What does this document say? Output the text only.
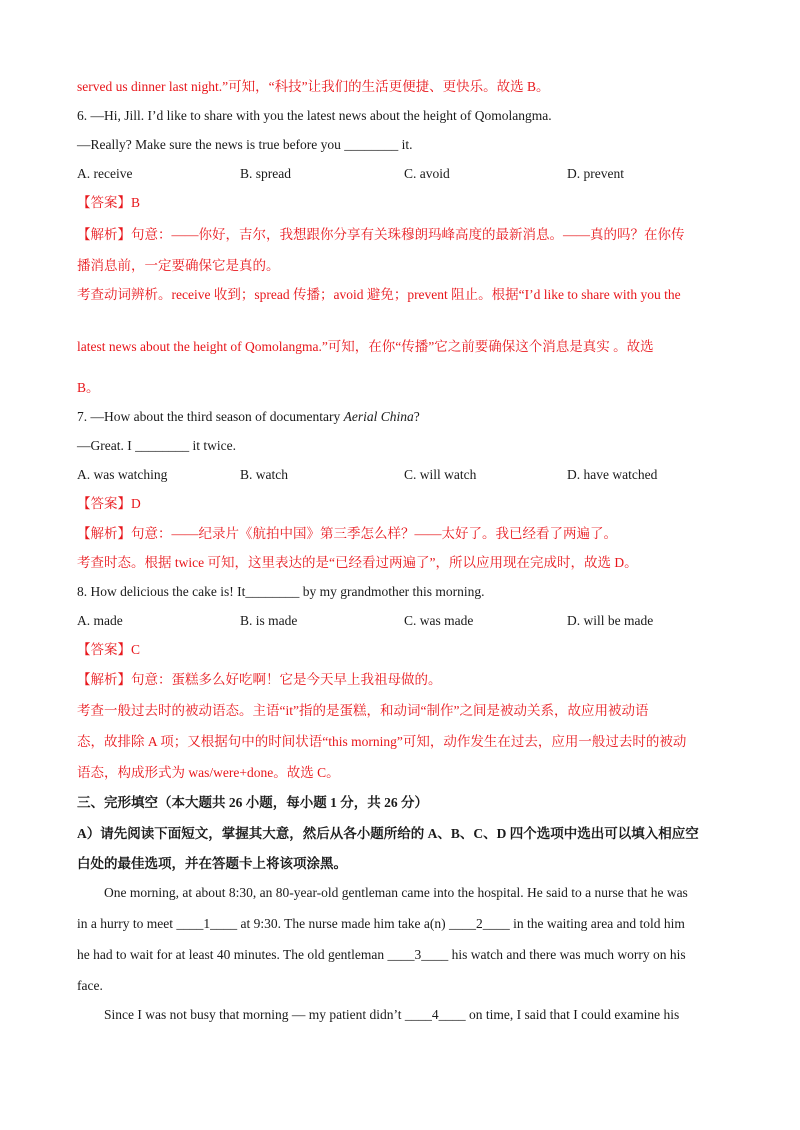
served us dinner last night.”可知，“科技”让我们的生活更便捷、更快乐。故选 B。
6. —Hi, Jill. I’d like to share with you the latest news about the height of Qomolangma.
—Really? Make sure the news is true before you ________ it.
A. receive	B. spread	C. avoid	D. prevent
【答案】B
【解析】句意：——你好，吉尔，我想跟你分享有关珠穆朗玛峰高度的最新消息。——真的吗？在你传
播消息前，一定要确保它是真的。
考查动词辨析。receive 收到；spread 传播；avoid 避免；prevent 阻止。根据“I’d like to share with you the
latest news about the height of Qomolangma.”可知，在你“传播”它之前要确保这个消息是真实 。故选
B。
7. —How about the third season of documentary Aerial China?
—Great. I ________ it twice.
A. was watching	B. watch	C. will watch	D. have watched
【答案】D
【解析】句意：——纪录片《航拍中国》第三季怎么样？——太好了。我已经看了两遍了。
考查时态。根据 twice 可知，这里表达的是“已经看过两遍了”，所以应用现在完成时，故选 D。
8. How delicious the cake is! It________ by my grandmother this morning.
A. made	B. is made	C. was made	D. will be made
【答案】C
【解析】句意：蛋糕多么好吃啊！它是今天早上我祖母做的。
考查一般过去时的被动语态。主语“it”指的是蛋糕，和动词“制作”之间是被动关系，故应用被动语
态，故排除 A 项；又根据句中的时间状语“this morning”可知，动作发生在过去，应用一般过去时的被动
语态，构成形式为 was/were+done。故选 C。
三、完形填空（本大题共 26 小题，每小题 1 分，共 26 分）
A）请先阅读下面短文，掌握其大意，然后从各小题所给的 A、B、C、D 四个选项中选出可以填入相应空
白处的最佳选项，并在答题卡上将该项涂黑。
One morning, at about 8:30, an 80-year-old gentleman came into the hospital. He said to a nurse that he was
in a hurry to meet ____1____ at 9:30. The nurse made him take a(n) ____2____ in the waiting area and told him
he had to wait for at least 40 minutes. The old gentleman ____3____ his watch and there was much worry on his
face.
Since I was not busy that morning — my patient didn’t ____4____ on time, I said that I could examine his
